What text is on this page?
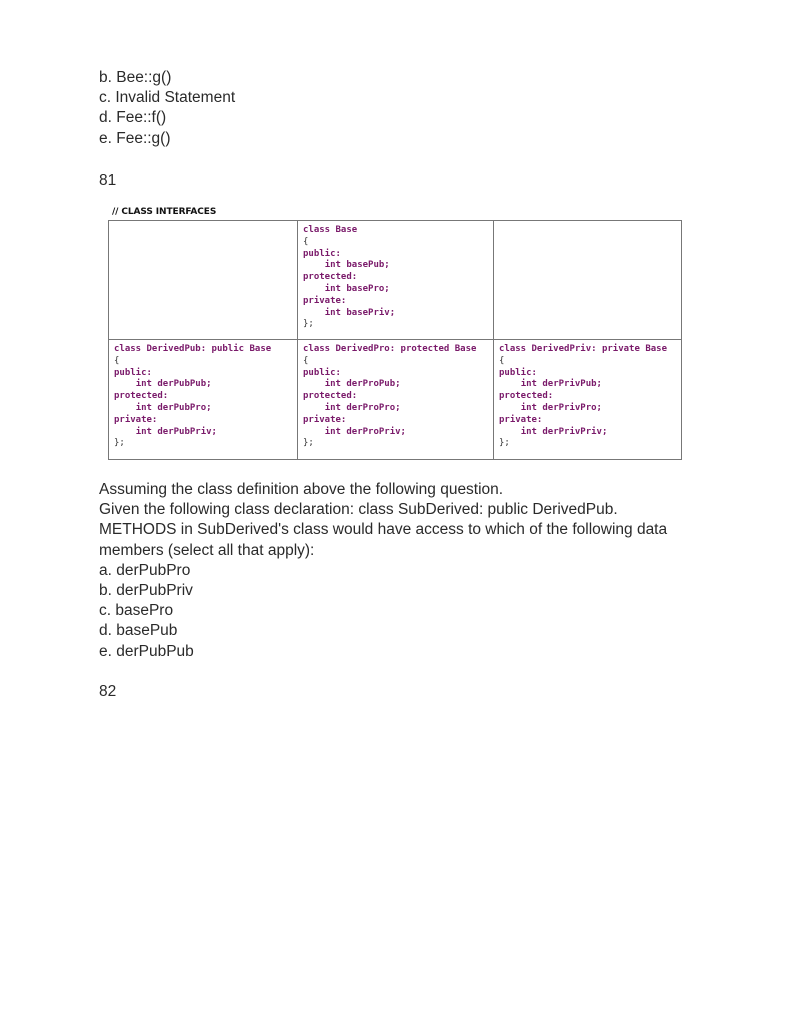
b. Bee::g()
c. Invalid Statement
d. Fee::f()
e. Fee::g()
81
// CLASS INTERFACES
class Base
{
public:
int basePub;
protected:
int basePro;
private:
int basePriv;
};
class DerivedPub: public Base
{
public:
int derPubPub;
protected:
int derPubPro;
private:
int derPubPriv;
};
class DerivedPro: protected Base
{
public:
int derProPub;
protected:
int derProPro;
private:
int derProPriv;
};
class DerivedPriv: private Base
{
public:
int derPrivPub;
protected:
int derPrivPro;
private:
int derPrivPriv;
};

Assuming the class definition above the following question.

Given the following class declaration: class SubDerived: public DerivedPub.

METHODS in SubDerived's class would have access to which of the following data

members (select all that apply):

a. derPubPro

b. derPubPriv

c. basePro

d. basePub

e. derPubPub

82
